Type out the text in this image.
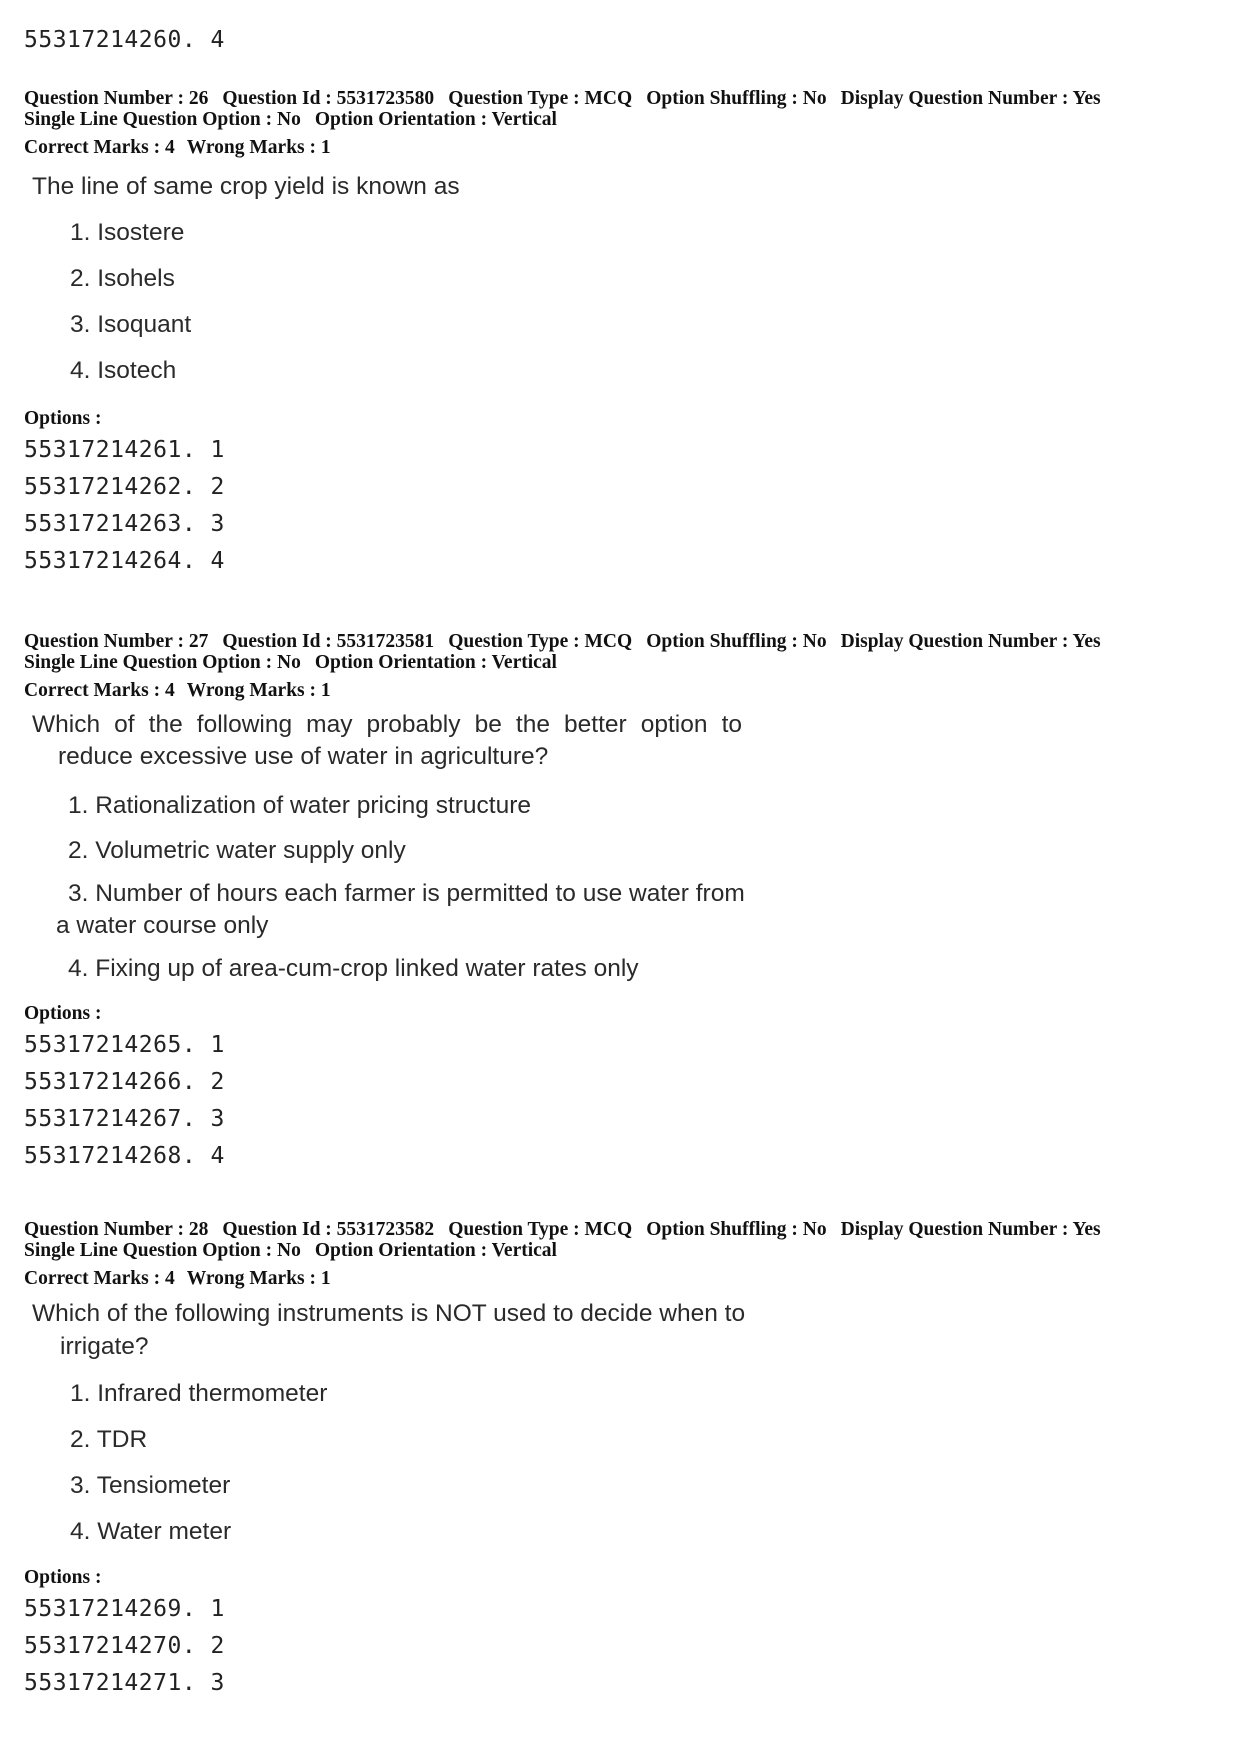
55317214260. 4
Question Number : 26 Question Id : 5531723580 Question Type : MCQ Option Shuffling : No Display Question Number : Yes
Single Line Question Option : No Option Orientation : Vertical
Correct Marks : 4 Wrong Marks : 1

The line of same crop yield is known as

1. Isostere
2. Isohels
3. Isoquant
4. Isotech
Options :
55317214261. 1
55317214262. 2
55317214263. 3
55317214264. 4
Question Number : 27 Question Id : 5531723581 Question Type : MCQ Option Shuffling : No Display Question Number : Yes
Single Line Question Option : No Option Orientation : Vertical
Correct Marks : 4 Wrong Marks : 1

Which of the following may probably be the better option to
reduce excessive use of water in agriculture?

1. Rationalization of water pricing structure
2. Volumetric water supply only
3. Number of hours each farmer is permitted to use water from
a water course only
4. Fixing up of area-cum-crop linked water rates only
Options :
55317214265. 1
55317214266. 2
55317214267. 3
55317214268. 4
Question Number : 28 Question Id : 5531723582 Question Type : MCQ Option Shuffling : No Display Question Number : Yes
Single Line Question Option : No Option Orientation : Vertical
Correct Marks : 4 Wrong Marks : 1

Which of the following instruments is NOT used to decide when to
irrigate?

1. Infrared thermometer
2. TDR
3. Tensiometer
4. Water meter
Options :
55317214269. 1
55317214270. 2
55317214271. 3
